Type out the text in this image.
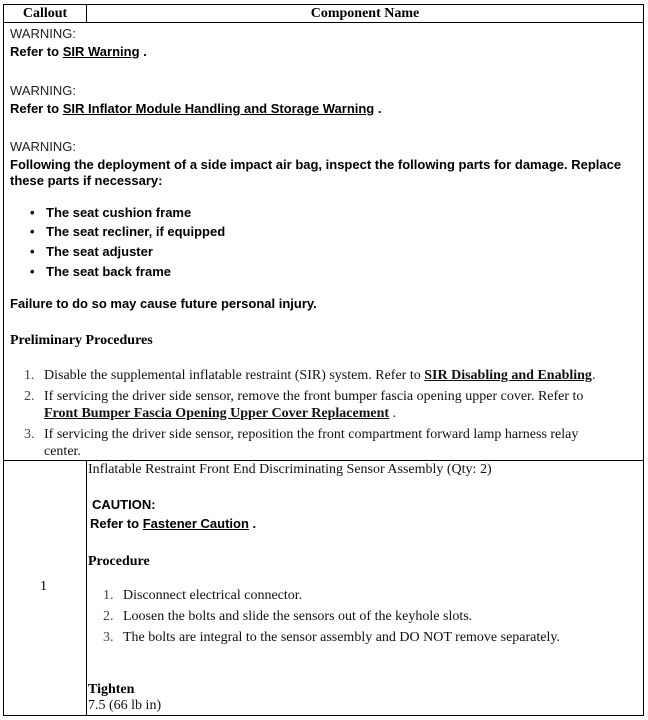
Callout	Component Name
WARNING:
Refer to SIR Warning .
WARNING:
Refer to SIR Inflator Module Handling and Storage Warning .
WARNING:
Following the deployment of a side impact air bag, inspect the following parts for damage. Replace
these parts if necessary:
• The seat cushion frame
• The seat recliner, if equipped
• The seat adjuster
• The seat back frame
Failure to do so may cause future personal injury.
Preliminary Procedures
1. Disable the supplemental inflatable restraint (SIR) system. Refer to SIR Disabling and Enabling.
2. If servicing the driver side sensor, remove the front bumper fascia opening upper cover. Refer to
Front Bumper Fascia Opening Upper Cover Replacement .
3. If servicing the driver side sensor, reposition the front compartment forward lamp harness relay
center.
1
Inflatable Restraint Front End Discriminating Sensor Assembly (Qty: 2)
CAUTION:
Refer to Fastener Caution .
Procedure
1. Disconnect electrical connector.
2. Loosen the bolts and slide the sensors out of the keyhole slots.
3. The bolts are integral to the sensor assembly and DO NOT remove separately.
Tighten
7.5 (66 lb in)
